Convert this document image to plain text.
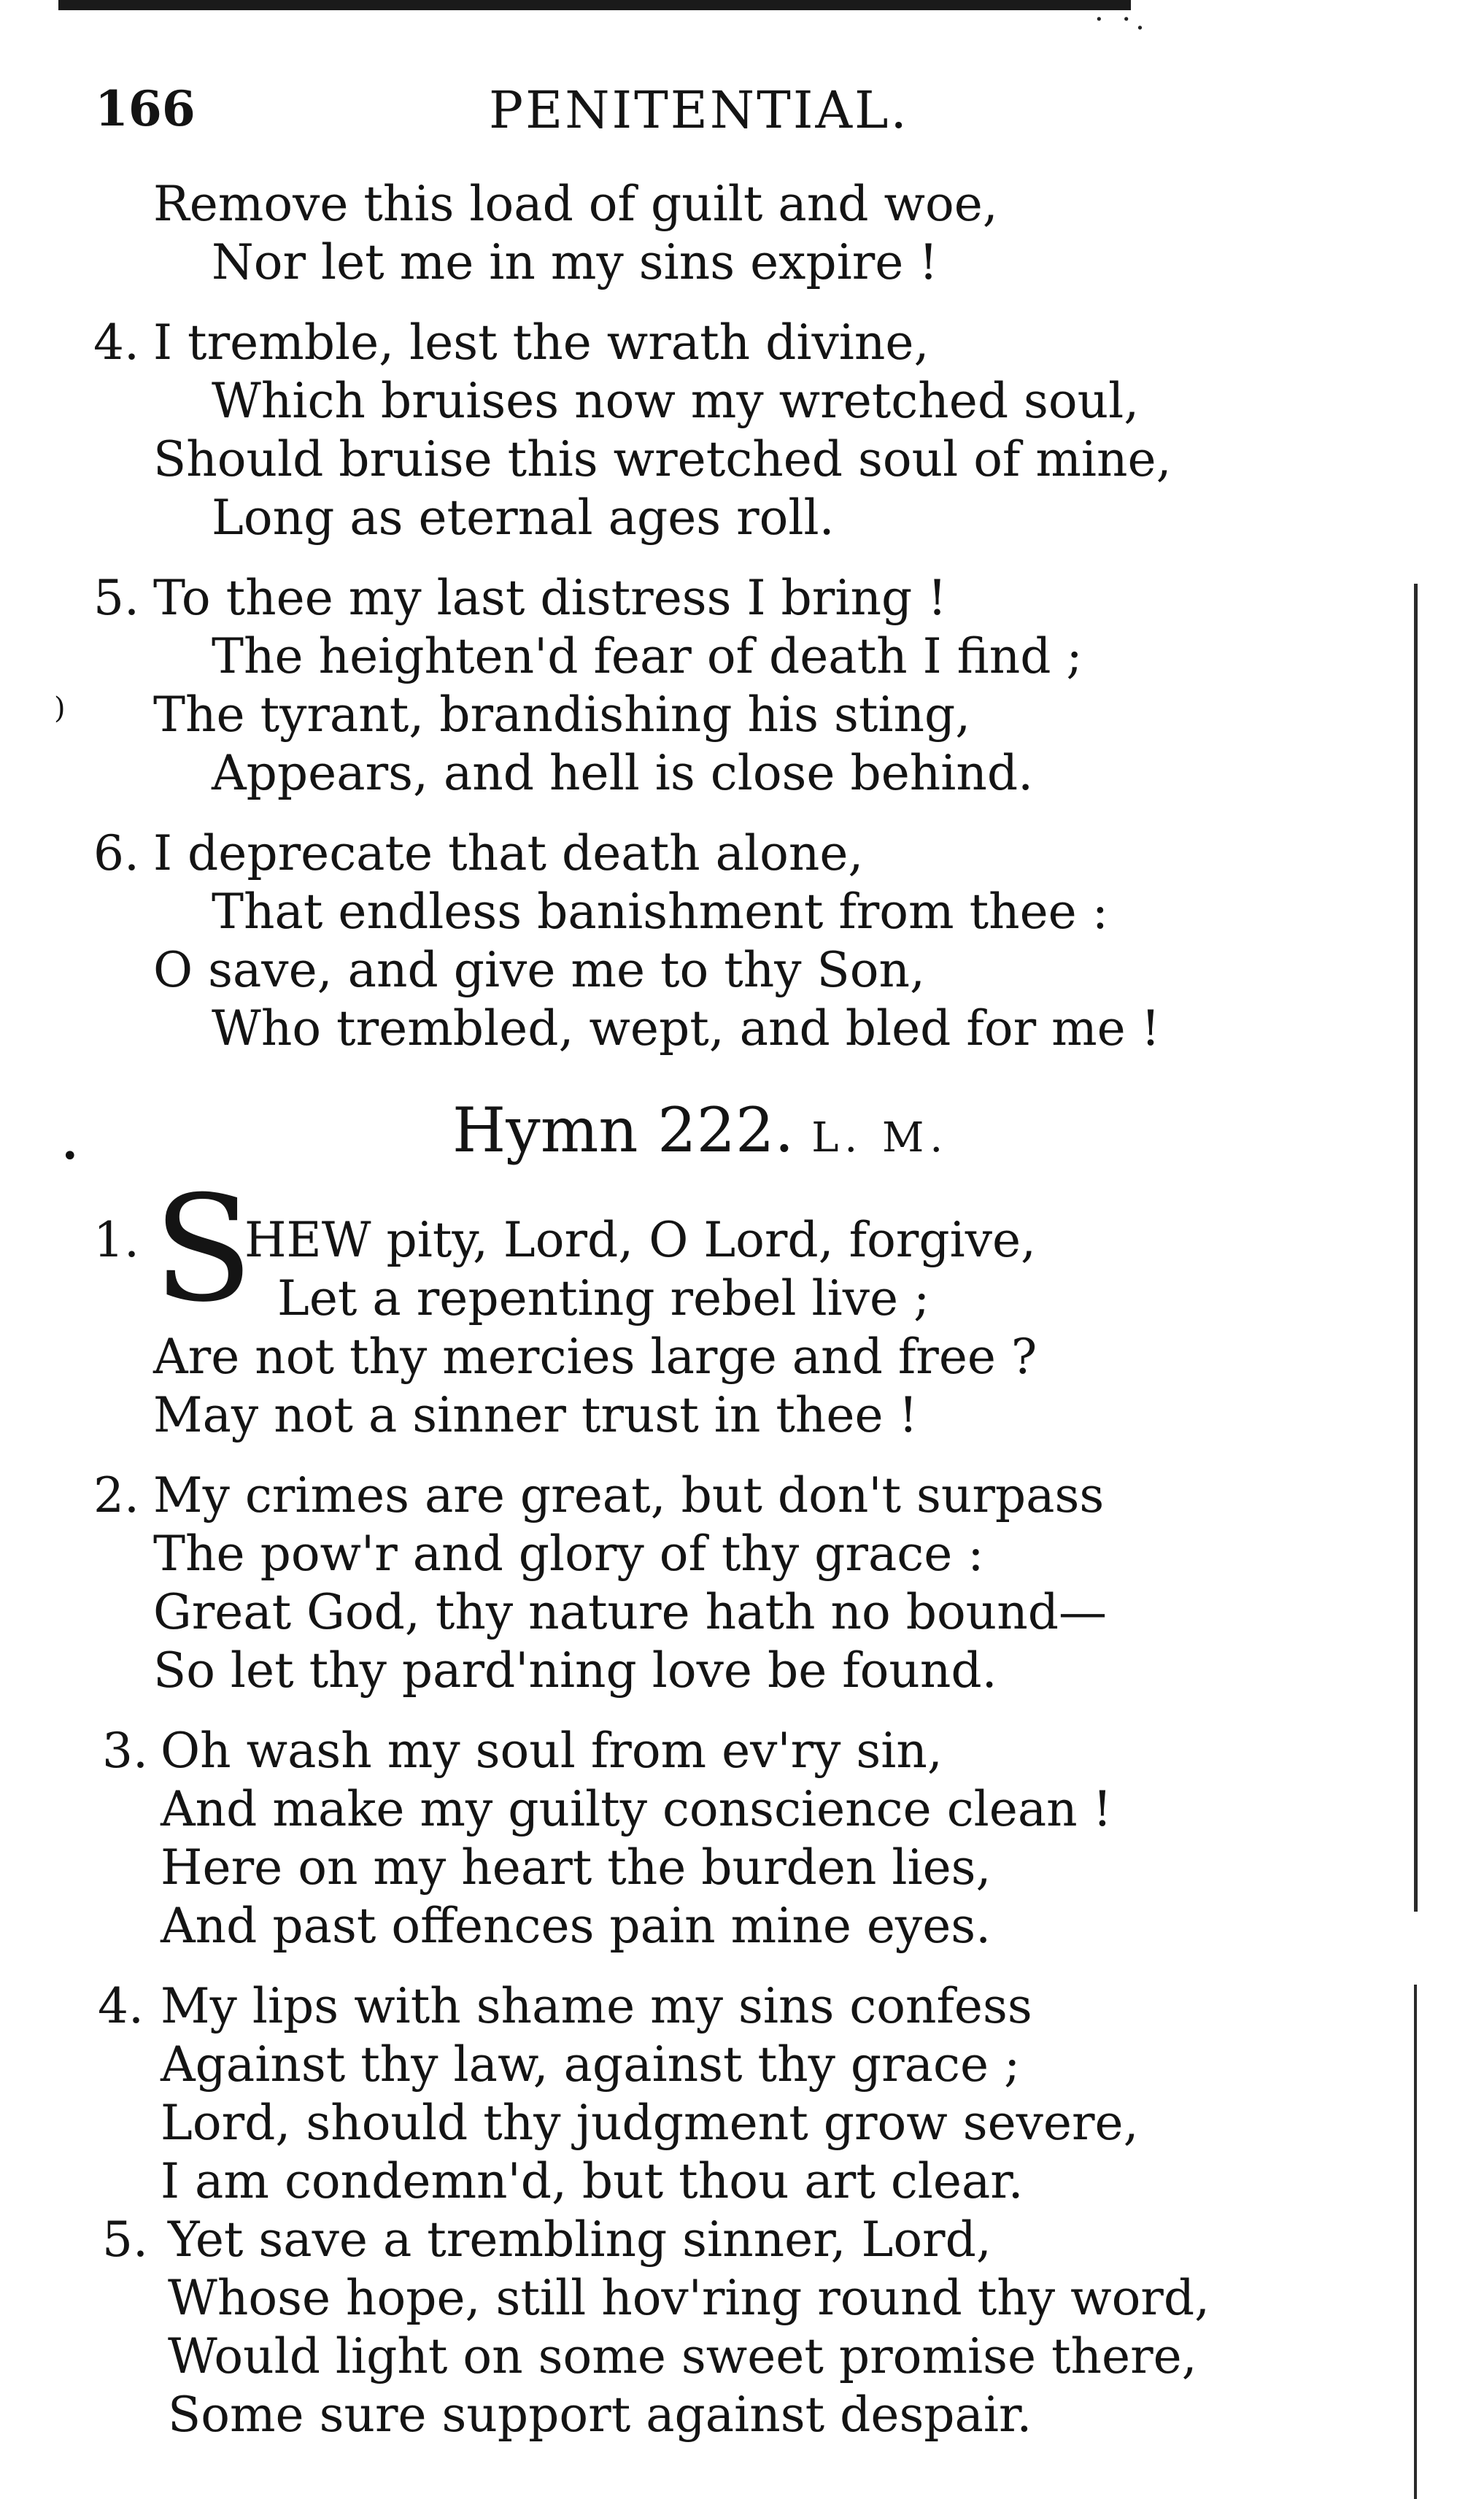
· ·.
)
•
166	PENITENTIAL.
Remove this load of guilt and woe,
Nor let me in my sins expire !
4. I tremble, lest the wrath divine,
Which bruises now my wretched soul,
Should bruise this wretched soul of mine,
Long as eternal ages roll.
5. To thee my last distress I bring !
The heighten'd fear of death I find ;
The tyrant, brandishing his sting,
Appears, and hell is close behind.
6. I deprecate that death alone,
That endless banishment from thee :
O save, and give me to thy Son,
Who trembled, wept, and bled for me !
Hymn 222. L. M.
1. S
HEW pity, Lord, O Lord, forgive,
Let a repenting rebel live ;
Are not thy mercies large and free ?
May not a sinner trust in thee !
2. My crimes are great, but don't surpass
The pow'r and glory of thy grace :
Great God, thy nature hath no bound—
So let thy pard'ning love be found.
3. Oh wash my soul from ev'ry sin,
And make my guilty conscience clean !
Here on my heart the burden lies,
And past offences pain mine eyes.
4. My lips with shame my sins confess
Against thy law, against thy grace ;
Lord, should thy judgment grow severe,
I am condemn'd, but thou art clear.
5. Yet save a trembling sinner, Lord,
Whose hope, still hov'ring round thy word,
Would light on some sweet promise there,
Some sure support against despair.
